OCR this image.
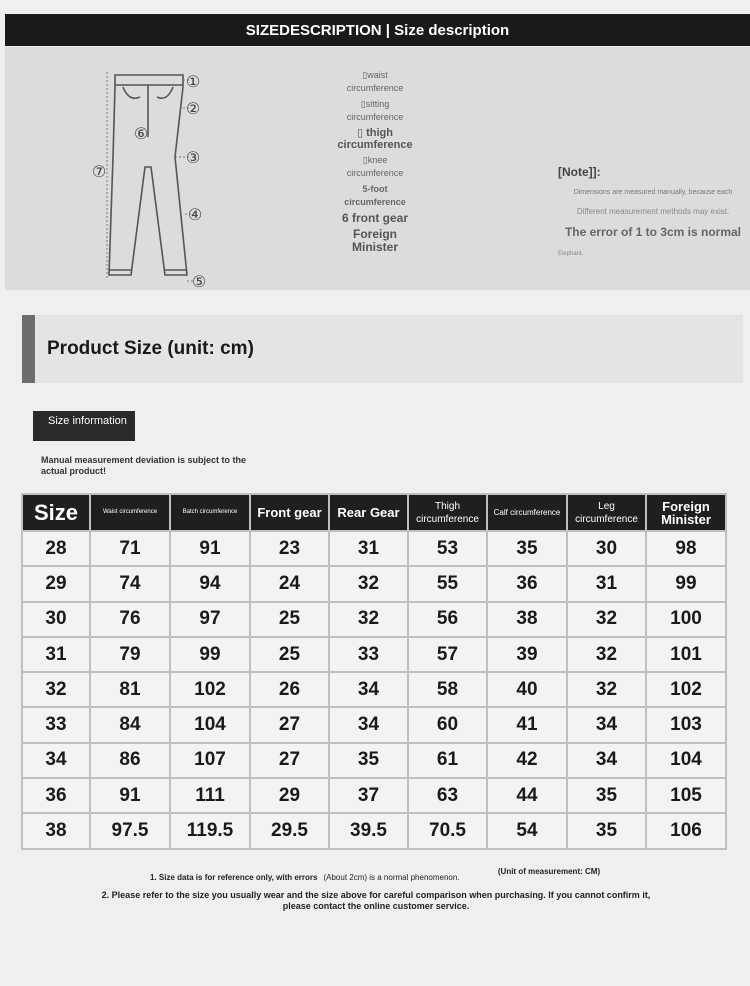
SIZEDESCRIPTION | Size description
①
②
③
④
⑤
⑥
⑦
▯waist circumference
▯sitting circumference
▯ thigh circumference
▯knee circumference
5-foot circumference
6 front gear
Foreign Minister
[Note]]:
Dimensions are measured manually, because each
Different measurement methods may exist.
The error of 1 to 3cm is normal
Elephant.
Product Size (unit: cm)
Size information
Manual measurement deviation is subject to the actual product!
Size	Waist circumference	Batch circumference	Front gear	Rear Gear	Thigh circumference	Calf circumference	Leg circumference	Foreign Minister
28	71	91	23	31	53	35	30	98
29	74	94	24	32	55	36	31	99
30	76	97	25	32	56	38	32	100
31	79	99	25	33	57	39	32	101
32	81	102	26	34	58	40	32	102
33	84	104	27	34	60	41	34	103
34	86	107	27	35	61	42	34	104
36	91	111	29	37	63	44	35	105
38	97.5	119.5	29.5	39.5	70.5	54	35	106
1. Size data is for reference only, with errors (About 2cm) is a normal phenomenon.
(Unit of measurement: CM)
2. Please refer to the size you usually wear and the size above for careful comparison when purchasing. If you cannot confirm it, please contact the online customer service.
